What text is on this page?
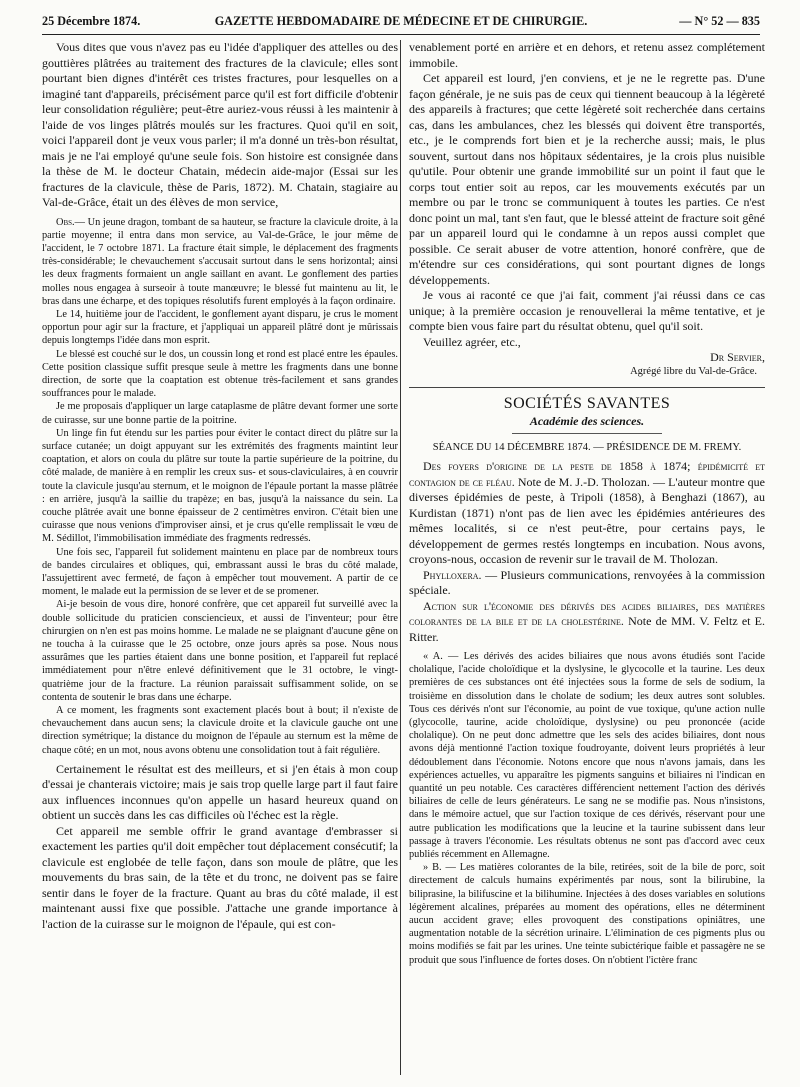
25 Décembre 1874.	GAZETTE HEBDOMADAIRE DE MÉDECINE ET DE CHIRURGIE.	— N° 52 — 835

Vous dites que vous n'avez pas eu l'idée d'appliquer des attelles ou des gouttières plâtrées au traitement des fractures de la clavicule; elles sont pourtant bien dignes d'intérêt ces tristes fractures, pour lesquelles on a imaginé tant d'appareils, précisément parce qu'il est fort difficile d'obtenir leur consolidation régulière; peut-être auriez-vous réussi à les maintenir à l'aide de vos linges plâtrés moulés sur les fractures. Quoi qu'il en soit, voici l'appareil dont je veux vous parler; il m'a donné un très-bon résultat, mais je ne l'ai employé qu'une seule fois. Son histoire est consignée dans la thèse de M. le docteur Chatain, médecin aide-major (Essai sur les fractures de la clavicule, thèse de Paris, 1872). M. Chatain, stagiaire au Val-de-Grâce, était un des élèves de mon service,

Obs.— Un jeune dragon, tombant de sa hauteur, se fracture la clavicule droite, à la partie moyenne; il entra dans mon service, au Val-de-Grâce, le jour même de l'accident, le 7 octobre 1871. La fracture était simple, le déplacement des fragments très-considérable; le chevauchement s'accusait surtout dans le sens horizontal; ainsi les deux fragments formaient un angle saillant en avant. Le gonflement des parties molles nous engagea à surseoir à toute manœuvre; le blessé fut maintenu au lit, le bras dans une écharpe, et des topiques résolutifs furent employés à la façon ordinaire.

Le 14, huitième jour de l'accident, le gonflement ayant disparu, je crus le moment opportun pour agir sur la fracture, et j'appliquai un appareil plâtré dont je mûrissais depuis longtemps l'idée dans mon esprit.

Le blessé est couché sur le dos, un coussin long et rond est placé entre les épaules. Cette position classique suffit presque seule à mettre les fragments dans une bonne direction, de sorte que la coaptation est obtenue très-facilement et sans grandes souffrances pour le malade.

Je me proposais d'appliquer un large cataplasme de plâtre devant former une sorte de cuirasse, sur une bonne partie de la poitrine.

Un linge fin fut étendu sur les parties pour éviter le contact direct du plâtre sur la surface cutanée; un doigt appuyant sur les extrémités des fragments maintint leur coaptation, et alors on coula du plâtre sur toute la partie supérieure de la poitrine, du côté malade, de manière à en remplir les creux sus- et sous-claviculaires, à en couvrir toute la clavicule jusqu'au sternum, et le moignon de l'épaule portant la masse plâtrée : en arrière, jusqu'à la saillie du trapèze; en bas, jusqu'à la naissance du sein. La couche plâtrée avait une bonne épaisseur de 2 centimètres environ. C'était bien une cuirasse que nous venions d'improviser ainsi, et je crus qu'elle remplissait le vœu de M. Sédillot, l'immobilisation immédiate des fragments redressés.

Une fois sec, l'appareil fut solidement maintenu en place par de nombreux tours de bandes circulaires et obliques, qui, embrassant aussi le bras du côté malade, l'assujettirent avec fermeté, de façon à empêcher tout mouvement. A partir de ce moment, le malade eut la permission de se lever et de se promener.

Ai-je besoin de vous dire, honoré confrère, que cet appareil fut surveillé avec la double sollicitude du praticien consciencieux, et aussi de l'inventeur; pour être chirurgien on n'en est pas moins homme. Le malade ne se plaignant d'aucune gêne on ne toucha à la cuirasse que le 25 octobre, onze jours après sa pose. Nous nous assurâmes que les parties étaient dans une bonne position, et l'appareil fut replacé immédiatement pour n'être enlevé définitivement que le 31 octobre, le vingt-quatrième jour de la fracture. La réunion paraissait suffisamment solide, on se contenta de soutenir le bras dans une écharpe.

A ce moment, les fragments sont exactement placés bout à bout; il n'existe de chevauchement dans aucun sens; la clavicule droite et la clavicule gauche ont une direction symétrique; la distance du moignon de l'épaule au sternum est la même de chaque côté; en un mot, nous avons obtenu une consolidation tout à fait régulière.

Certainement le résultat est des meilleurs, et si j'en étais à mon coup d'essai je chanterais victoire; mais je sais trop quelle large part il faut faire aux influences inconnues qu'on appelle un hasard heureux quand on obtient un succès dans les cas difficiles où l'échec est la règle.

Cet appareil me semble offrir le grand avantage d'embrasser si exactement les parties qu'il doit empêcher tout déplacement consécutif; la clavicule est englobée de telle façon, dans son moule de plâtre, que les mouvements du bras sain, de la tête et du tronc, ne doivent pas se faire sentir dans le foyer de la fracture. Quant au bras du côté malade, il est maintenant aussi fixe que possible. J'attache une grande importance à l'action de la cuirasse sur le moignon de l'épaule, qui est con-

venablement porté en arrière et en dehors, et retenu assez complétement immobile.

Cet appareil est lourd, j'en conviens, et je ne le regrette pas. D'une façon générale, je ne suis pas de ceux qui tiennent beaucoup à la légèreté des appareils à fractures; que cette légèreté soit recherchée dans certains cas, dans les ambulances, chez les blessés qui doivent être transportés, etc., je le comprends fort bien et je la recherche aussi; mais, le plus souvent, surtout dans nos hôpitaux sédentaires, je la crois plus nuisible qu'utile. Pour obtenir une grande immobilité sur un point il faut que le corps tout entier soit au repos, car les mouvements exécutés par un membre ou par le tronc se communiquent à toutes les parties. Ce n'est donc point un mal, tant s'en faut, que le blessé atteint de fracture soit gêné par un appareil lourd qui le condamne à un repos aussi complet que possible. Ce serait abuser de votre attention, honoré confrère, que de m'étendre sur ces considérations, qui sont pourtant dignes de longs développements.

Je vous ai raconté ce que j'ai fait, comment j'ai réussi dans ce cas unique; à la première occasion je renouvellerai la même tentative, et je compte bien vous faire part du résultat obtenu, quel qu'il soit.

Veuillez agréer, etc.,

Dr Servier,

Agrégé libre du Val-de-Grâce.

SOCIÉTÉS SAVANTES

Académie des sciences.

SÉANCE DU 14 DÉCEMBRE 1874. — PRÉSIDENCE DE M. FREMY.

Des foyers d'origine de la peste de 1858 à 1874; épidémicité et contagion de ce fléau. Note de M. J.-D. Tholozan. — L'auteur montre que diverses épidémies de peste, à Tripoli (1858), à Benghazi (1867), au Kurdistan (1871) n'ont pas de lien avec les épidémies antérieures des mêmes localités, si ce n'est peut-être, pour certains pays, le développement de germes restés longtemps en incubation. Nous avons, croyons-nous, occasion de revenir sur le travail de M. Tholozan.

Phylloxera. — Plusieurs communications, renvoyées à la commission spéciale.

Action sur l'économie des dérivés des acides biliaires, des matières colorantes de la bile et de la cholestérine. Note de MM. V. Feltz et E. Ritter.

« A. — Les dérivés des acides biliaires que nous avons étudiés sont l'acide cholalique, l'acide choloïdique et la dyslysine, le glycocolle et la taurine. Les deux premières de ces substances ont été injectées sous la forme de sels de sodium, la troisième en dissolution dans le cholate de sodium; les deux autres sont solubles. Tous ces dérivés n'ont sur l'économie, au point de vue toxique, qu'une action nulle (glycocolle, taurine, acide choloïdique, dyslysine) ou peu prononcée (acide cholalique). On ne peut donc admettre que les sels des acides biliaires, dont nous avons déjà mentionné l'action toxique foudroyante, doivent leurs propriétés à leur dédoublement dans l'économie. Notons encore que nous n'avons jamais, dans les expériences actuelles, vu apparaître les pigments sanguins et biliaires ni l'indican en quantité un peu notable. Ces caractères différencient nettement l'action des dérivés biliaires de celle de leurs générateurs. Le sang ne se modifie pas. Nous n'insistons, dans le mémoire actuel, que sur l'action toxique de ces dérivés, réservant pour une autre publication les modifications que la leucine et la taurine subissent dans leur passage à travers l'économie. Les résultats obtenus ne sont pas d'accord avec ceux publiés récemment en Allemagne.

» B. — Les matières colorantes de la bile, retirées, soit de la bile de porc, soit directement de calculs humains expérimentés par nous, sont la bilirubine, la biliprasine, la bilifuscine et la bilihumine. Injectées à des doses variables en solutions légèrement alcalines, préparées au moment des opérations, elles ne déterminent aucun accident grave; elles provoquent des constipations opiniâtres, une augmentation notable de la sécrétion urinaire. L'élimination de ces pigments plus ou moins modifiés se fait par les urines. Une teinte subictérique faible et passagère ne se produit que sous l'influence de fortes doses. On n'obtient l'ictère franc
